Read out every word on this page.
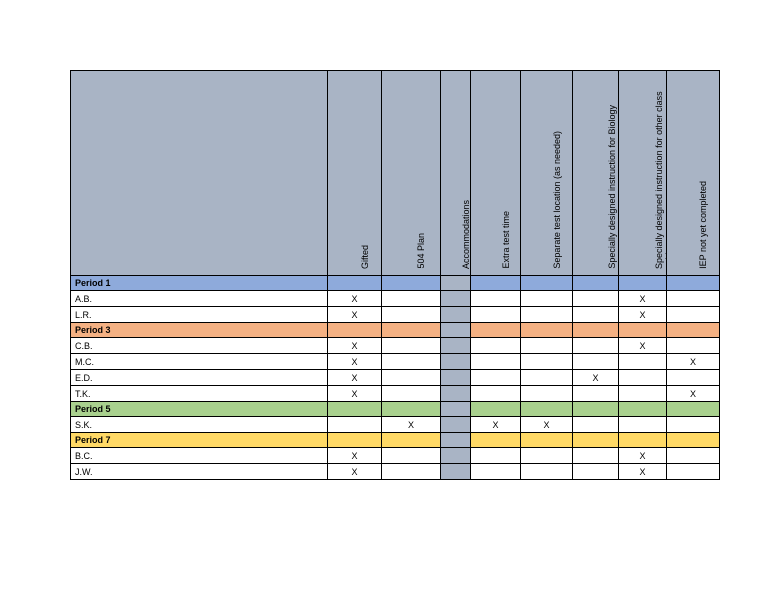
	Gifted	504 Plan	Accommodations	Extra test time	Separate test location (as needed)	Specially designed instruction for Biology	Specially designed instruction for other class	IEP not yet completed

Period 1								
A.B.	X						X	
L.R.	X						X	
Period 3								
C.B.	X						X	
M.C.	X							X
E.D.	X					X		
T.K.	X							X
Period 5								
S.K.		X		X	X			
Period 7								
B.C.	X						X	
J.W.	X						X	
